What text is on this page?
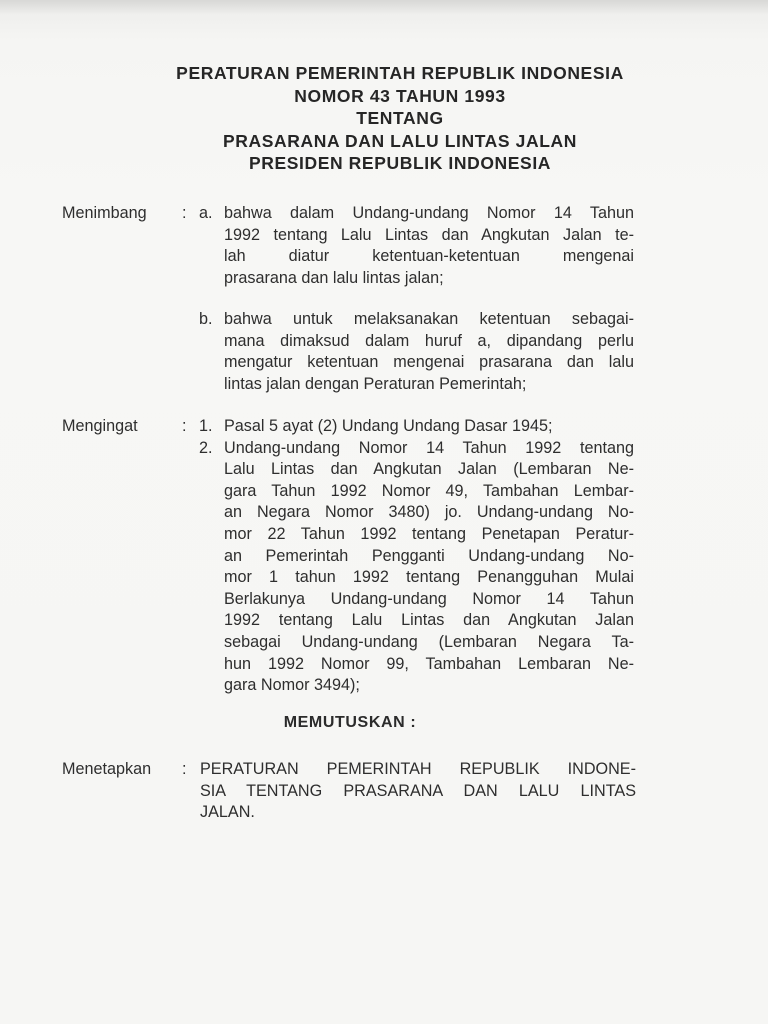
PERATURAN PEMERINTAH REPUBLIK INDONESIA
NOMOR 43 TAHUN 1993
TENTANG
PRASARANA DAN LALU LINTAS JALAN
PRESIDEN REPUBLIK INDONESIA
Menimbang : a. bahwa dalam Undang-undang Nomor 14 Tahun
1992 tentang Lalu Lintas dan Angkutan Jalan te-
lah diatur ketentuan-ketentuan mengenai
prasarana dan lalu lintas jalan;
b. bahwa untuk melaksanakan ketentuan sebagai-
mana dimaksud dalam huruf a, dipandang perlu
mengatur ketentuan mengenai prasarana dan lalu
lintas jalan dengan Peraturan Pemerintah;
Mengingat	: 1. Pasal 5 ayat (2) Undang Undang Dasar 1945;
2. Undang-undang Nomor 14 Tahun 1992 tentang
Lalu Lintas dan Angkutan Jalan (Lembaran Ne-
gara Tahun 1992 Nomor 49, Tambahan Lembar-
an Negara Nomor 3480) jo. Undang-undang No-
mor 22 Tahun 1992 tentang Penetapan Peratur-
an Pemerintah Pengganti Undang-undang No-
mor 1 tahun 1992 tentang Penangguhan Mulai
Berlakunya Undang-undang Nomor 14 Tahun
1992 tentang Lalu Lintas dan Angkutan Jalan
sebagai Undang-undang (Lembaran Negara Ta-
hun 1992 Nomor 99, Tambahan Lembaran Ne-
gara Nomor 3494);
MEMUTUSKAN :
Menetapkan : PERATURAN PEMERINTAH REPUBLIK INDONE-
SIA TENTANG PRASARANA DAN LALU LINTAS
JALAN.
